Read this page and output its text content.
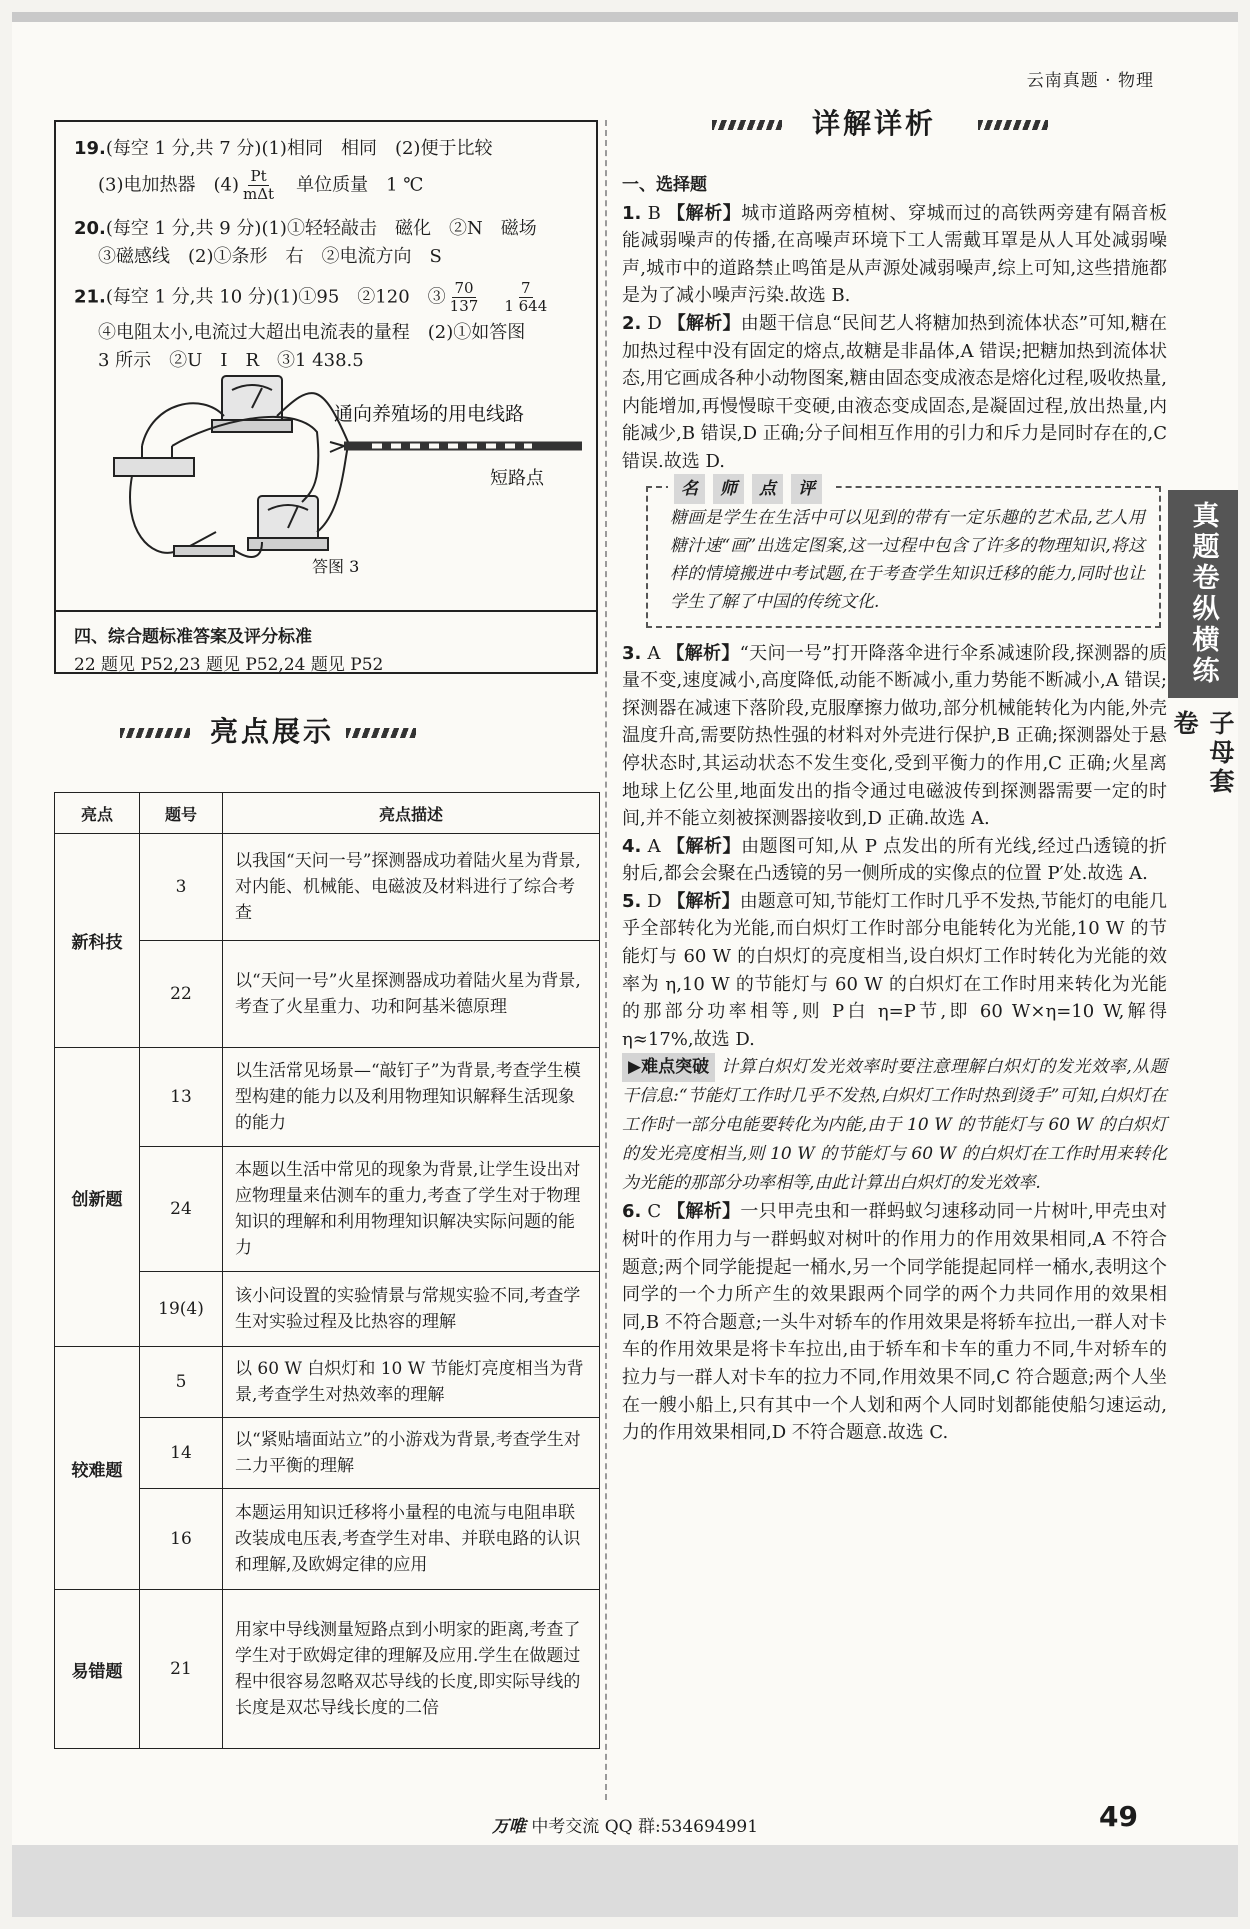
云南真题 · 物理
真题卷纵横练
子母套卷
19.(每空 1 分,共 7 分)(1)相同　相同　(2)便于比较
(3)电加热器　$(4) \frac{Pt}{\text{mΔt}}$ 　单位质量　1 ℃
20.(每空 1 分,共 9 分)(1)①轻轻敲击　磁化　②N　磁场
③磁感线　(2)①条形　右　②电流方向　S
21.(每空 1 分,共 10 分)(1)①95　②120　③ $\frac{70}{137}$
　 $\frac{7}{1 644}$
④电阻太小,电流过大超出电流表的量程　(2)①如答图
3 所示　②U　I　R　③1 438.5
通向养殖场的用电线路
短路点
答图 3
四、综合题标准答案及评分标准
22 题见 P52,23 题见 P52,24 题见 P52
亮点展示
亮点	题号	亮点描述
新科技	3	以我国“天问一号”探测器成功着陆火星为背景,对内能、机械能、电磁波及材料进行了综合考查
	22	以“天问一号”火星探测器成功着陆火星为背景,考查了火星重力、功和阿基米德原理
创新题	13	以生活常见场景—“敲钉子”为背景,考查学生模型构建的能力以及利用物理知识解释生活现象的能力
	24	本题以生活中常见的现象为背景,让学生设出对应物理量来估测车的重力,考查了学生对于物理知识的理解和利用物理知识解决实际问题的能力
	19(4)	该小问设置的实验情景与常规实验不同,考查学生对实验过程及比热容的理解
较难题	5	以 60 W 白炽灯和 10 W 节能灯亮度相当为背景,考查学生对热效率的理解
	14	以“紧贴墙面站立”的小游戏为背景,考查学生对二力平衡的理解
	16	本题运用知识迁移将小量程的电流与电阻串联改装成电压表,考查学生对串、并联电路的认识和理解,及欧姆定律的应用
易错题	21	用家中导线测量短路点到小明家的距离,考查了学生对于欧姆定律的理解及应用.学生在做题过程中很容易忽略双芯导线的长度,即实际导线的长度是双芯导线长度的二倍
详解详析

一、选择题

1. B 【解析】城市道路两旁植树、穿城而过的高铁两旁建有隔音板能减弱噪声的传播,在高噪声环境下工人需戴耳罩是从人耳处减弱噪声,城市中的道路禁止鸣笛是从声源处减弱噪声,综上可知,这些措施都是为了减小噪声污染.故选 B.

2. D 【解析】由题干信息“民间艺人将糖加热到流体状态”可知,糖在加热过程中没有固定的熔点,故糖是非晶体,A 错误;把糖加热到流体状态,用它画成各种小动物图案,糖由固态变成液态是熔化过程,吸收热量,内能增加,再慢慢晾干变硬,由液态变成固态,是凝固过程,放出热量,内能减少,B 错误,D 正确;分子间相互作用的引力和斥力是同时存在的,C 错误.故选 D.

名 师 点 评
糖画是学生在生活中可以见到的带有一定乐趣的艺术品,艺人用糖汁速“画”出选定图案,这一过程中包含了许多的物理知识,将这样的情境搬进中考试题,在于考查学生知识迁移的能力,同时也让学生了解了中国的传统文化.

3. A 【解析】“天问一号”打开降落伞进行伞系减速阶段,探测器的质量不变,速度减小,高度降低,动能不断减小,重力势能不断减小,A 错误;探测器在减速下落阶段,克服摩擦力做功,部分机械能转化为内能,外壳温度升高,需要防热性强的材料对外壳进行保护,B 正确;探测器处于悬停状态时,其运动状态不发生变化,受到平衡力的作用,C 正确;火星离地球上亿公里,地面发出的指令通过电磁波传到探测器需要一定的时间,并不能立刻被探测器接收到,D 正确.故选 A.

4. A 【解析】由题图可知,从 P 点发出的所有光线,经过凸透镜的折射后,都会会聚在凸透镜的另一侧所成的实像点的位置 P′处.故选 A.

5. D 【解析】由题意可知,节能灯工作时几乎不发热,节能灯的电能几乎全部转化为光能,而白炽灯工作时部分电能转化为光能,10 W 的节能灯与 60 W 的白炽灯的亮度相当,设白炽灯工作时转化为光能的效率为 η,10 W 的节能灯与 60 W 的白炽灯在工作时用来转化为光能的那部分功率相等,则 P白 η=P节,即 60 W×η=10 W,解得 η≈17%,故选 D.

▶难点突破 计算白炽灯发光效率时要注意理解白炽灯的发光效率,从题干信息:“节能灯工作时几乎不发热,白炽灯工作时热到烫手”可知,白炽灯在工作时一部分电能要转化为内能,由于 10 W 的节能灯与 60 W 的白炽灯的发光亮度相当,则 10 W 的节能灯与 60 W 的白炽灯在工作时用来转化为光能的那部分功率相等,由此计算出白炽灯的发光效率.

6. C 【解析】一只甲壳虫和一群蚂蚁匀速移动同一片树叶,甲壳虫对树叶的作用力与一群蚂蚁对树叶的作用力的作用效果相同,A 不符合题意;两个同学能提起一桶水,另一个同学能提起同样一桶水,表明这个同学的一个力所产生的效果跟两个同学的两个力共同作用的效果相同,B 不符合题意;一头牛对轿车的作用效果是将轿车拉出,一群人对卡车的作用效果是将卡车拉出,由于轿车和卡车的重力不同,牛对轿车的拉力与一群人对卡车的拉力不同,作用效果不同,C 符合题意;两个人坐在一艘小船上,只有其中一个人划和两个人同时划都能使船匀速运动,力的作用效果相同,D 不符合题意.故选 C.

万唯 中考交流 QQ 群:534694991	49
